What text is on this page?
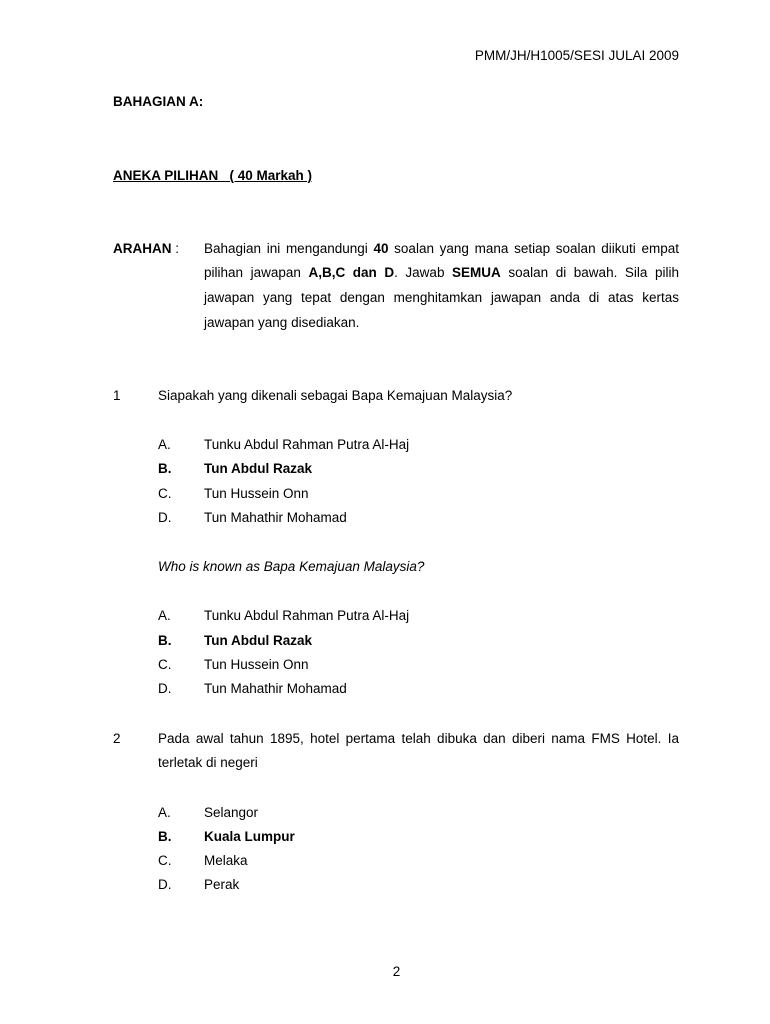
PMM/JH/H1005/SESI JULAI 2009
BAHAGIAN A:
ANEKA PILIHAN   ( 40 Markah )
ARAHAN : Bahagian ini mengandungi 40 soalan yang mana setiap soalan diikuti empat
pilihan jawapan A,B,C dan D. Jawab SEMUA soalan di bawah. Sila pilih
jawapan yang tepat dengan menghitamkan jawapan anda di atas kertas
jawapan yang disediakan.
1	Siapakah yang dikenali sebagai Bapa Kemajuan Malaysia?
A. Tunku Abdul Rahman Putra Al-Haj
B. Tun Abdul Razak
C. Tun Hussein Onn
D. Tun Mahathir Mohamad
Who is known as Bapa Kemajuan Malaysia?
A. Tunku Abdul Rahman Putra Al-Haj
B. Tun Abdul Razak
C. Tun Hussein Onn
D. Tun Mahathir Mohamad
2	Pada awal tahun 1895, hotel pertama telah dibuka dan diberi nama FMS Hotel. Ia
terletak di negeri
A. Selangor
B. Kuala Lumpur
C. Melaka
D. Perak
2
